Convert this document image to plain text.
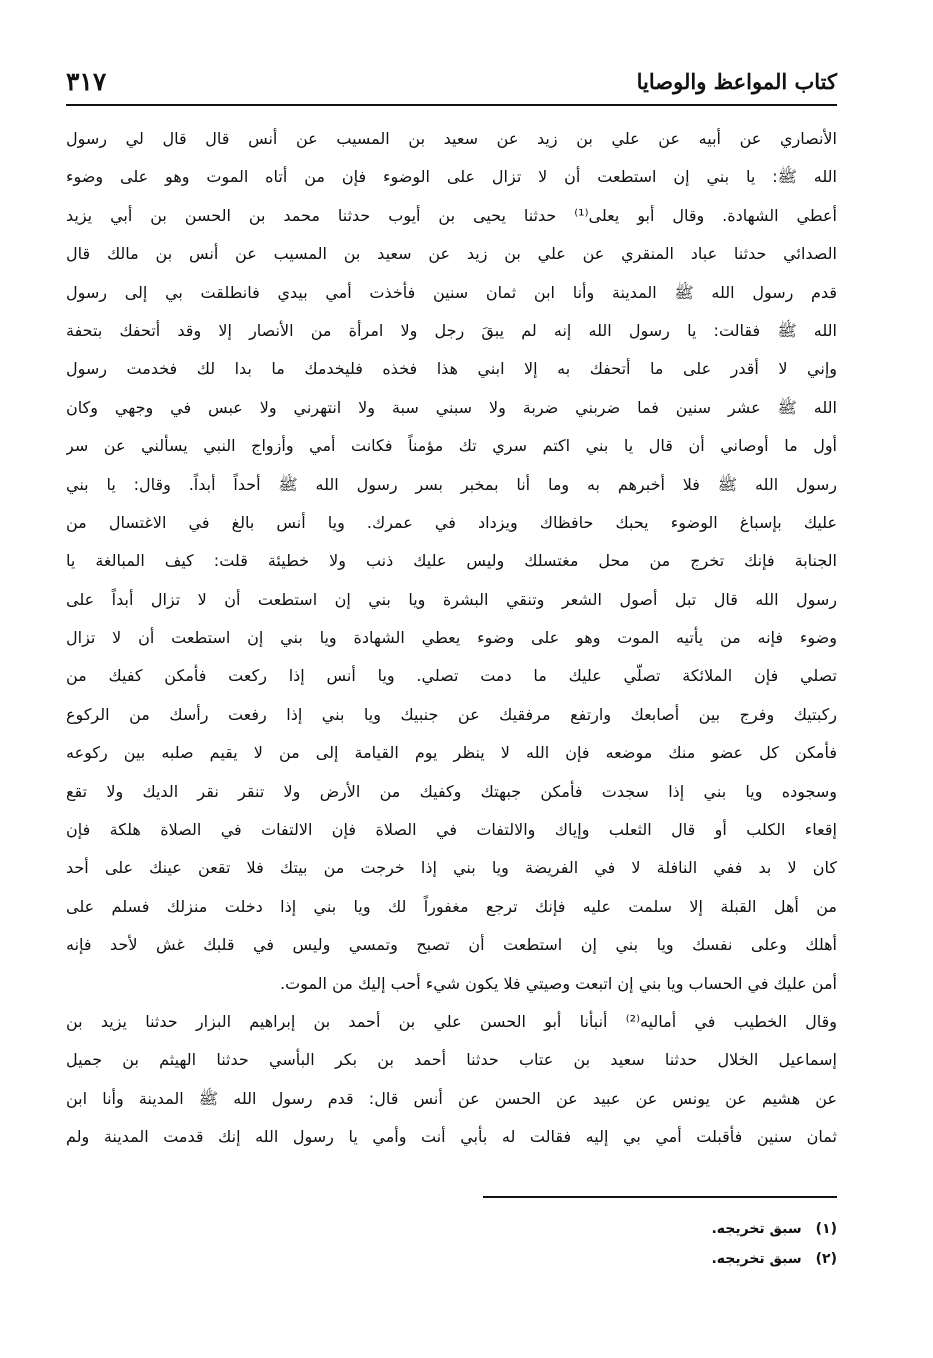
كتاب المواعظ والوصايا
٣١٧
الأنصاري عن أبيه عن علي بن زيد عن سعيد بن المسيب عن أنس قال قال لي رسول
الله ﷺ: يا بني إن استطعت أن لا تزال على الوضوء فإن من أتاه الموت وهو على وضوء
أعطي الشهادة. وقال أبو يعلى⁽¹⁾ حدثنا يحيى بن أيوب حدثنا محمد بن الحسن بن أبي يزيد
الصدائي حدثنا عباد المنقري عن علي بن زيد عن سعيد بن المسيب عن أنس بن مالك قال
قدم رسول الله ﷺ المدينة وأنا ابن ثمان سنين فأخذت أمي بيدي فانطلقت بي إلى رسول
الله ﷺ فقالت: يا رسول الله إنه لم يبقَ رجل ولا امرأة من الأنصار إلا وقد أتحفك بتحفة
وإني لا أقدر على ما أتحفك به إلا ابني هذا فخذه فليخدمك ما بدا لك فخدمت رسول
الله ﷺ عشر سنين فما ضربني ضربة ولا سبني سبة ولا انتهرني ولا عبس في وجهي وكان
أول ما أوصاني أن قال يا بني اكتم سري تك مؤمناً فكانت أمي وأزواج النبي يسألني عن سر
رسول الله ﷺ فلا أخبرهم به وما أنا بمخبر بسر رسول الله ﷺ أحداً أبداً. وقال: يا بني
عليك بإسباغ الوضوء يحبك حافظاك ويزداد في عمرك. ويا أنس بالغ في الاغتسال من
الجنابة فإنك تخرج من محل مغتسلك وليس عليك ذنب ولا خطيئة قلت: كيف المبالغة يا
رسول الله قال تبل أصول الشعر وتنقي البشرة ويا بني إن استطعت أن لا تزال أبداً على
وضوء فإنه من يأتيه الموت وهو على وضوء يعطي الشهادة ويا بني إن استطعت أن لا تزال
تصلي فإن الملائكة تصلّي عليك ما دمت تصلي. ويا أنس إذا ركعت فأمكن كفيك من
ركبتيك وفرج بين أصابعك وارتفع مرفقيك عن جنبيك ويا بني إذا رفعت رأسك من الركوع
فأمكن كل عضو منك موضعه فإن الله لا ينظر يوم القيامة إلى من لا يقيم صلبه بين ركوعه
وسجوده ويا بني إذا سجدت فأمكن جبهتك وكفيك من الأرض ولا تنقر نقر الديك ولا تقع
إقعاء الكلب أو قال الثعلب وإياك والالتفات في الصلاة فإن الالتفات في الصلاة هلكة فإن
كان لا بد ففي النافلة لا في الفريضة ويا بني إذا خرجت من بيتك فلا تقعن عينك على أحد
من أهل القبلة إلا سلمت عليه فإنك ترجع مغفوراً لك ويا بني إذا دخلت منزلك فسلم على
أهلك وعلى نفسك ويا بني إن استطعت أن تصبح وتمسي وليس في قلبك غش لأحد فإنه
أمن عليك في الحساب ويا بني إن اتبعت وصيتي فلا يكون شيء أحب إليك من الموت.
وقال الخطيب في أماليه⁽²⁾ أنبأنا أبو الحسن علي بن أحمد بن إبراهيم البزار حدثنا يزيد بن
إسماعيل الخلال حدثنا سعيد بن عتاب حدثنا أحمد بن بكر البأسي حدثنا الهيثم بن جميل
عن هشيم عن يونس عن عبيد عن الحسن عن أنس قال: قدم رسول الله ﷺ المدينة وأنا ابن
ثمان سنين فأقبلت أمي بي إليه فقالت له بأبي أنت وأمي يا رسول الله إنك قدمت المدينة ولم
(١)
سبق تخريجه.
(٢)
سبق تخريجه.
